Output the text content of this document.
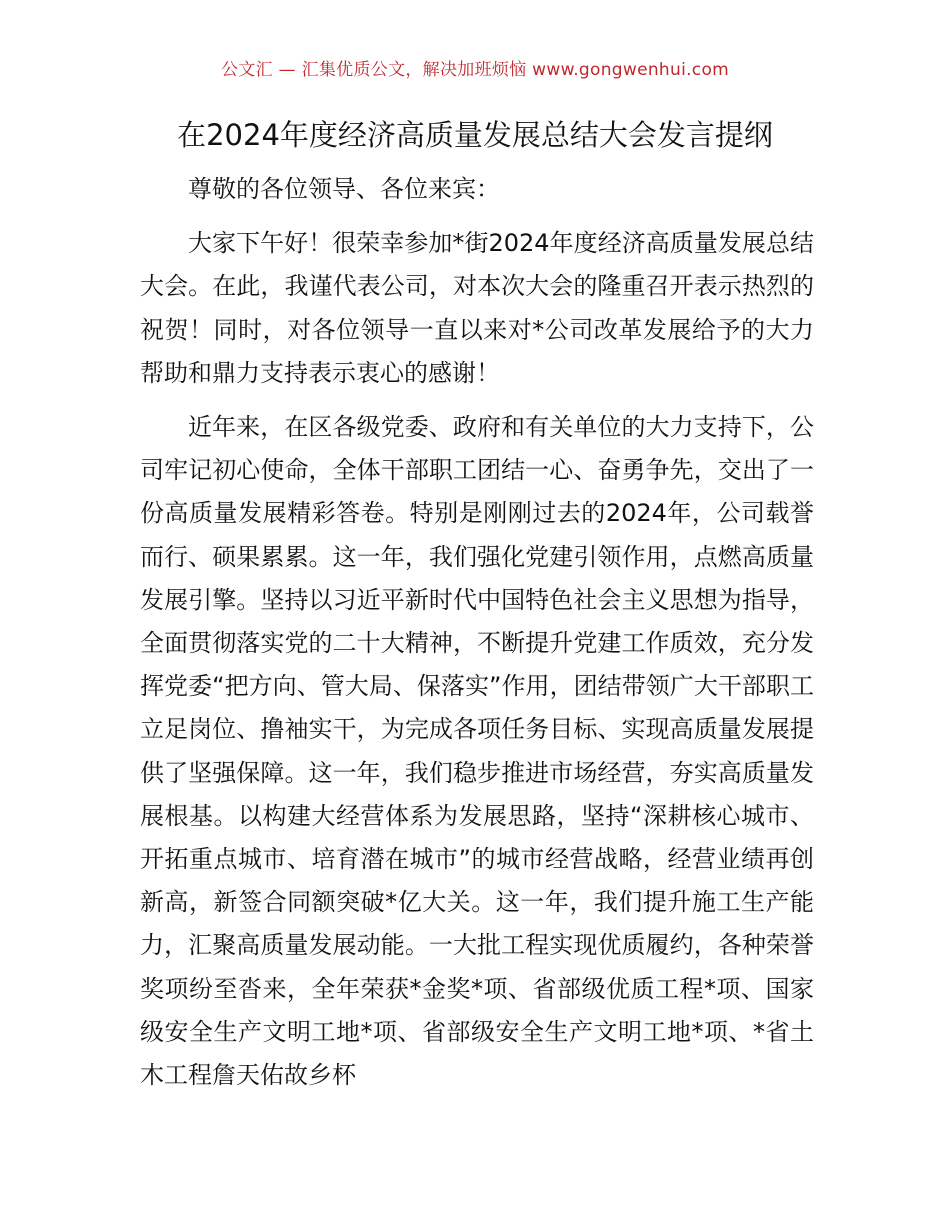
公文汇 — 汇集优质公文，解决加班烦恼 www.gongwenhui.com
在2024年度经济高质量发展总结大会发言提纲

尊敬的各位领导、各位来宾：

大家下午好！很荣幸参加*街2024年度经济高质量发展总结大会。在此，我谨代表公司，对本次大会的隆重召开表示热烈的祝贺！同时，对各位领导一直以来对*公司改革发展给予的大力帮助和鼎力支持表示衷心的感谢！

近年来，在区各级党委、政府和有关单位的大力支持下，公司牢记初心使命，全体干部职工团结一心、奋勇争先，交出了一份高质量发展精彩答卷。特别是刚刚过去的2024年，公司载誉而行、硕果累累。这一年，我们强化党建引领作用，点燃高质量发展引擎。坚持以习近平新时代中国特色社会主义思想为指导，全面贯彻落实党的二十大精神，不断提升党建工作质效，充分发挥党委“把方向、管大局、保落实”作用，团结带领广大干部职工立足岗位、撸袖实干，为完成各项任务目标、实现高质量发展提供了坚强保障。这一年，我们稳步推进市场经营，夯实高质量发展根基。以构建大经营体系为发展思路，坚持“深耕核心城市、开拓重点城市、培育潜在城市”的城市经营战略，经营业绩再创新高，新签合同额突破*亿大关。这一年，我们提升施工生产能力，汇聚高质量发展动能。一大批工程实现优质履约，各种荣誉奖项纷至沓来，全年荣获*金奖*项、省部级优质工程*项、国家级安全生产文明工地*项、省部级安全生产文明工地*项、*省土木工程詹天佑故乡杯
